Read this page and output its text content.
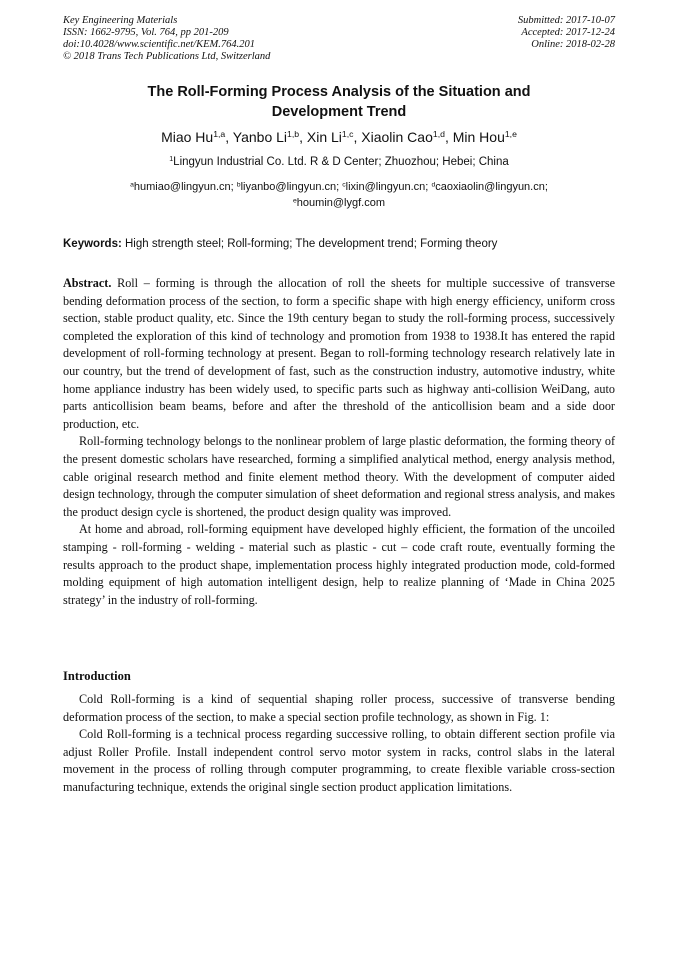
Key Engineering Materials
ISSN: 1662-9795, Vol. 764, pp 201-209
doi:10.4028/www.scientific.net/KEM.764.201
© 2018 Trans Tech Publications Ltd, Switzerland
Submitted: 2017-10-07
Accepted: 2017-12-24
Online: 2018-02-28
The Roll-Forming Process Analysis of the Situation and
Development Trend
Miao Hu$^{1,a}$, Yanbo Li$^{1,b}$, Xin Li$^{1,c}$, Xiaolin Cao$^{1,d}$, Min Hou$^{1,e}$
$^1$Lingyun Industrial Co. Ltd. R & D Center; Zhuozhou; Hebei; China
$^a$humiao@lingyun.cn; $^b$liyanbo@lingyun.cn; $^c$lixin@lingyun.cn; $^d$caoxiaolin@lingyun.cn;
$^e$houmin@lygf.com
Keywords: High strength steel; Roll-forming; The development trend; Forming theory

Abstract. Roll – forming is through the allocation of roll the sheets for multiple successive of transverse bending deformation process of the section, to form a specific shape with high energy efficiency, uniform cross section, stable product quality, etc. Since the 19th century began to study the roll-forming process, successively completed the exploration of this kind of technology and promotion from 1938 to 1938.It has entered the rapid development of roll-forming technology at present. Began to roll-forming technology research relatively late in our country, but the trend of development of fast, such as the construction industry, automotive industry, white home appliance industry has been widely used, to specific parts such as highway anti-collision WeiDang, auto parts anticollision beam beams, before and after the threshold of the anticollision beam and a side door production, etc.

Roll-forming technology belongs to the nonlinear problem of large plastic deformation, the forming theory of the present domestic scholars have researched, forming a simplified analytical method, energy analysis method, cable original research method and finite element method theory. With the development of computer aided design technology, through the computer simulation of sheet deformation and regional stress analysis, and makes the product design cycle is shortened, the product design quality was improved.

At home and abroad, roll-forming equipment have developed highly efficient, the formation of the uncoiled stamping - roll-forming - welding - material such as plastic - cut – code craft route, eventually forming the results approach to the product shape, implementation process highly integrated production mode, cold-formed molding equipment of high automation intelligent design, help to realize planning of ‘Made in China 2025 strategy’ in the industry of roll-forming.

Introduction

Cold Roll-forming is a kind of sequential shaping roller process, successive of transverse bending deformation process of the section, to make a special section profile technology, as shown in Fig. 1:

Cold Roll-forming is a technical process regarding successive rolling, to obtain different section profile via adjust Roller Profile. Install independent control servo motor system in racks, control slabs in the lateral movement in the process of rolling through computer programming, to create flexible variable cross-section manufacturing technique, extends the original single section product application limitations.
